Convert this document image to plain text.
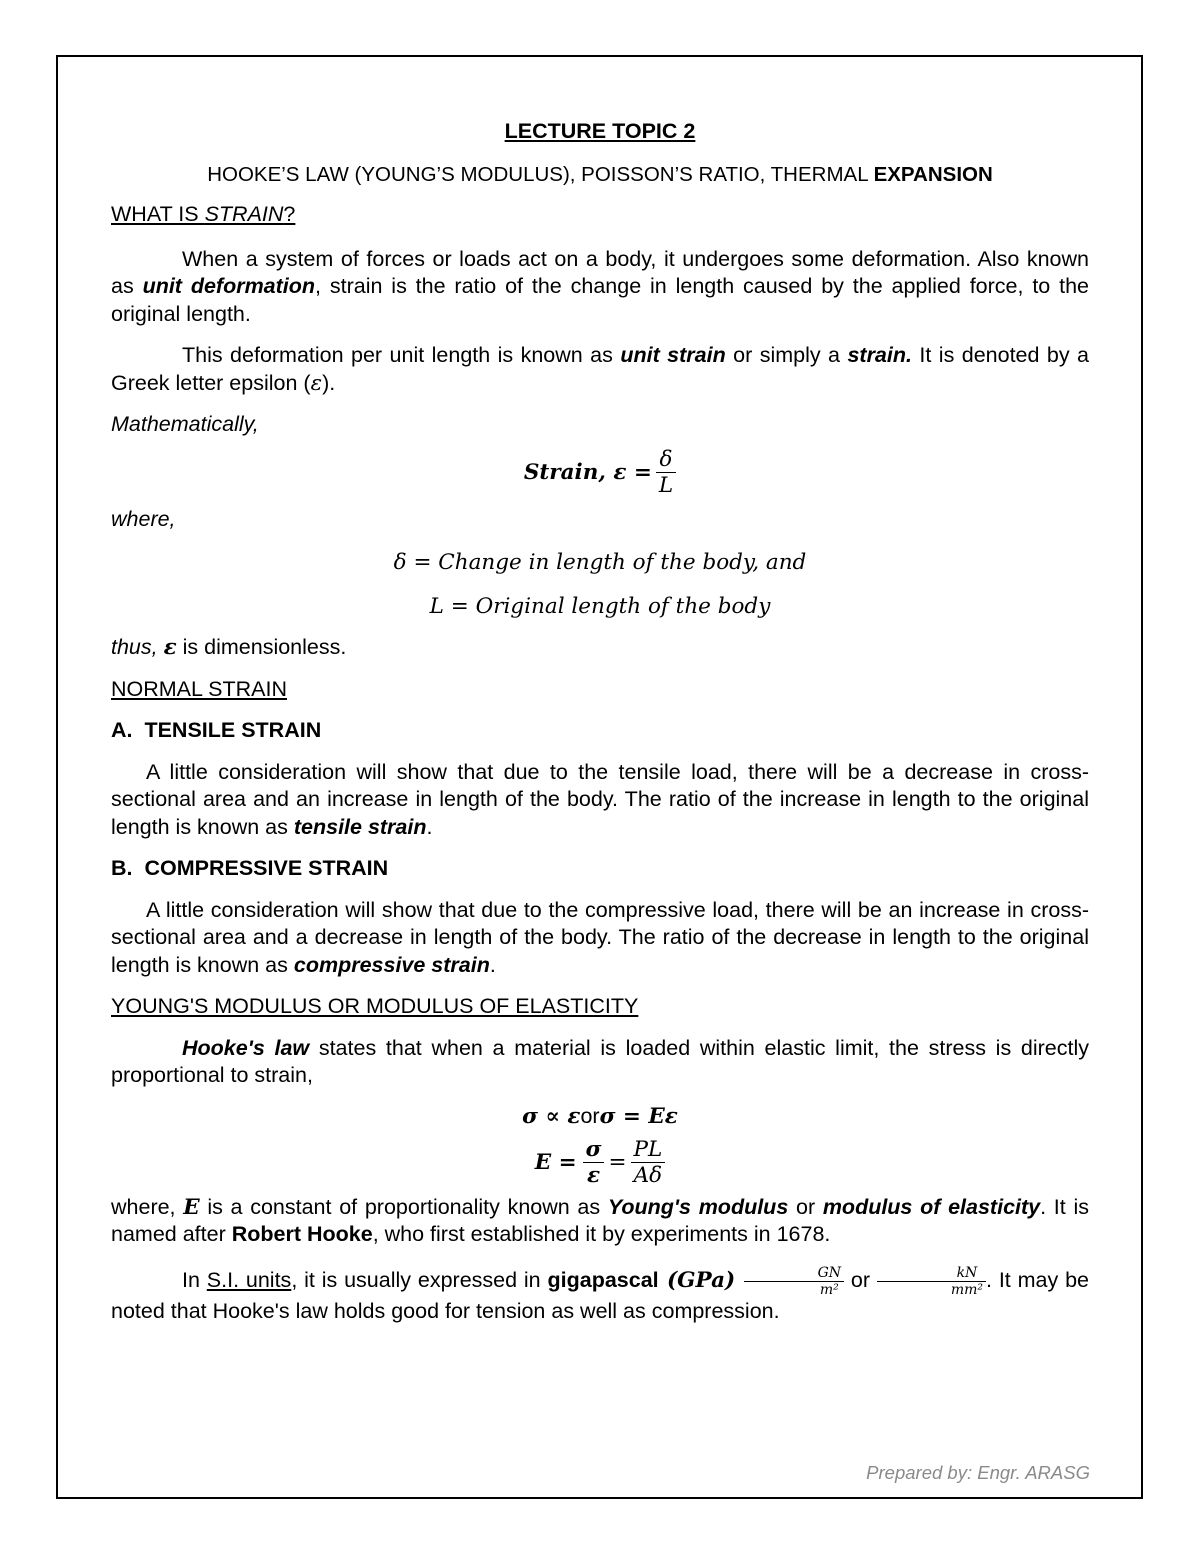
LECTURE TOPIC 2

HOOKE’S LAW (YOUNG’S MODULUS), POISSON’S RATIO, THERMAL EXPANSION

WHAT IS STRAIN?

When a system of forces or loads act on a body, it undergoes some deformation. Also known as unit deformation, strain is the ratio of the change in length caused by the applied force, to the original length.

This deformation per unit length is known as unit strain or simply a strain. It is denoted by a Greek letter epsilon (ε).

Mathematically,

Strain, $\varepsilon = \frac{\delta}{L}$

where,

δ = Change in length of the body, and

L = Original length of the body

thus, ε is dimensionless.

NORMAL STRAIN

A. TENSILE STRAIN

A little consideration will show that due to the tensile load, there will be a decrease in cross-sectional area and an increase in length of the body. The ratio of the increase in length to the original length is known as tensile strain.

B. COMPRESSIVE STRAIN

A little consideration will show that due to the compressive load, there will be an increase in cross-sectional area and a decrease in length of the body. The ratio of the decrease in length to the original length is known as compressive strain.

YOUNG'S MODULUS OR MODULUS OF ELASTICITY

Hooke's law states that when a material is loaded within elastic limit, the stress is directly proportional to strain,

σ ∝ ε or σ = Eε
$E = \frac{\sigma}{\varepsilon} = \frac{PL}{A\delta}$

where, E is a constant of proportionality known as Young's modulus or modulus of elasticity. It is named after Robert Hooke, who first established it by experiments in 1678.

In S.I. units, it is usually expressed in gigapascal $(GPa) \frac{GN}{\text{m²}}$ or $\frac{kN}{\text{mm²}}$ . It may be noted that Hooke's law holds good for tension as well as compression.

Prepared by: Engr. ARASG
